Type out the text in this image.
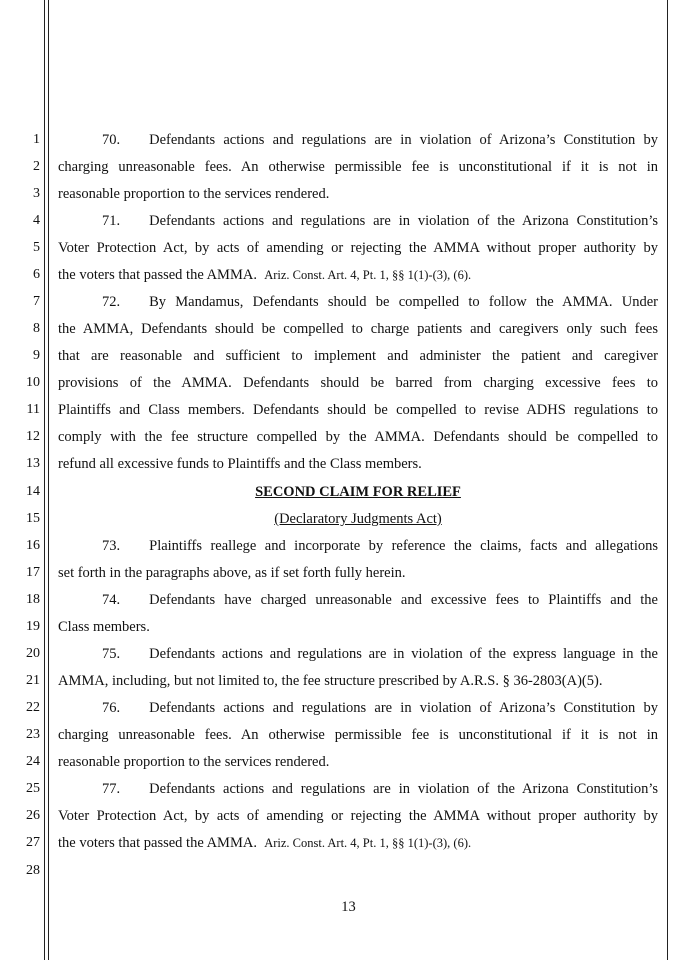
1
2
3
4
5
6
7
8
9
10
11
12
13
14
15
16
17
18
19
20
21
22
23
24
25
26
27
28
70.  Defendants actions and regulations are in violation of Arizona’s Constitution by
charging unreasonable fees. An otherwise permissible fee is unconstitutional if it is not in
reasonable proportion to the services rendered.
71.  Defendants actions and regulations are in violation of the Arizona Constitution’s
Voter Protection Act, by acts of amending or rejecting the AMMA without proper authority by
the voters that passed the AMMA. Ariz. Const. Art. 4, Pt. 1, §§ 1(1)-(3), (6).
72.  By Mandamus, Defendants should be compelled to follow the AMMA. Under
the AMMA, Defendants should be compelled to charge patients and caregivers only such fees
that are reasonable and sufficient to implement and administer the patient and caregiver
provisions of the AMMA. Defendants should be barred from charging excessive fees to
Plaintiffs and Class members. Defendants should be compelled to revise ADHS regulations to
comply with the fee structure compelled by the AMMA. Defendants should be compelled to
refund all excessive funds to Plaintiffs and the Class members.
SECOND CLAIM FOR RELIEF
(Declaratory Judgments Act)
73.  Plaintiffs reallege and incorporate by reference the claims, facts and allegations
set forth in the paragraphs above, as if set forth fully herein.
74.  Defendants have charged unreasonable and excessive fees to Plaintiffs and the
Class members.
75.  Defendants actions and regulations are in violation of the express language in the
AMMA, including, but not limited to, the fee structure prescribed by A.R.S. § 36-2803(A)(5).
76.  Defendants actions and regulations are in violation of Arizona’s Constitution by
charging unreasonable fees. An otherwise permissible fee is unconstitutional if it is not in
reasonable proportion to the services rendered.
77.  Defendants actions and regulations are in violation of the Arizona Constitution’s
Voter Protection Act, by acts of amending or rejecting the AMMA without proper authority by
the voters that passed the AMMA. Ariz. Const. Art. 4, Pt. 1, §§ 1(1)-(3), (6).
13
